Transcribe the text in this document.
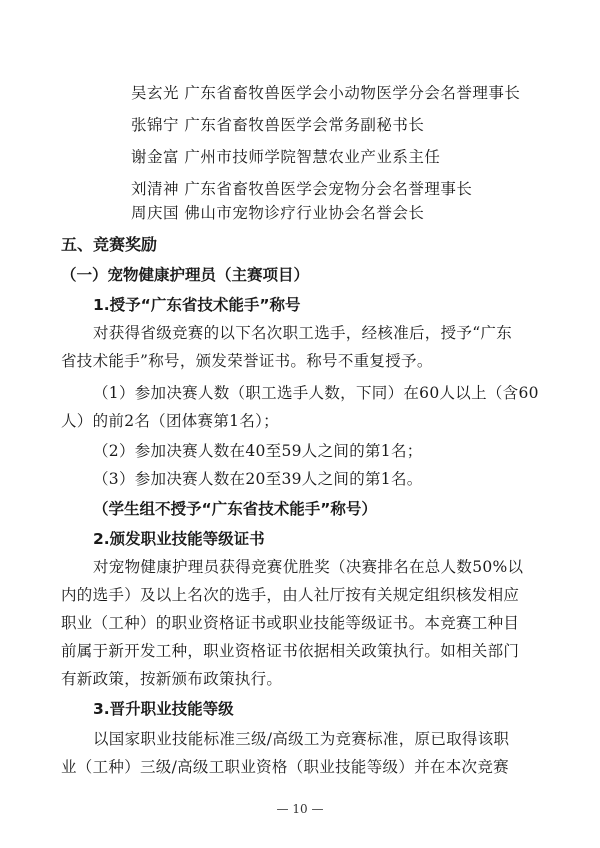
吴玄光 广东省畜牧兽医学会小动物医学分会名誉理事长
张锦宁 广东省畜牧兽医学会常务副秘书长
谢金富 广州市技师学院智慧农业产业系主任
刘清神 广东省畜牧兽医学会宠物分会名誉理事长
周庆国 佛山市宠物诊疗行业协会名誉会长
五、竞赛奖励
（一）宠物健康护理员（主赛项目）
1.授予“广东省技术能手”称号
对获得省级竞赛的以下名次职工选手，经核准后，授予“广东
省技术能手”称号，颁发荣誉证书。称号不重复授予。
（1）参加决赛人数（职工选手人数，下同）在60人以上（含60
人）的前2名（团体赛第1名）；
（2）参加决赛人数在40至59人之间的第1名；
（3）参加决赛人数在20至39人之间的第1名。
（学生组不授予“广东省技术能手”称号）
2.颁发职业技能等级证书
对宠物健康护理员获得竞赛优胜奖（决赛排名在总人数50%以
内的选手）及以上名次的选手，由人社厅按有关规定组织核发相应
职业（工种）的职业资格证书或职业技能等级证书。本竞赛工种目
前属于新开发工种，职业资格证书依据相关政策执行。如相关部门
有新政策，按新颁布政策执行。
3.晋升职业技能等级
以国家职业技能标准三级/高级工为竞赛标准，原已取得该职
业（工种）三级/高级工职业资格（职业技能等级）并在本次竞赛
— 10 —
